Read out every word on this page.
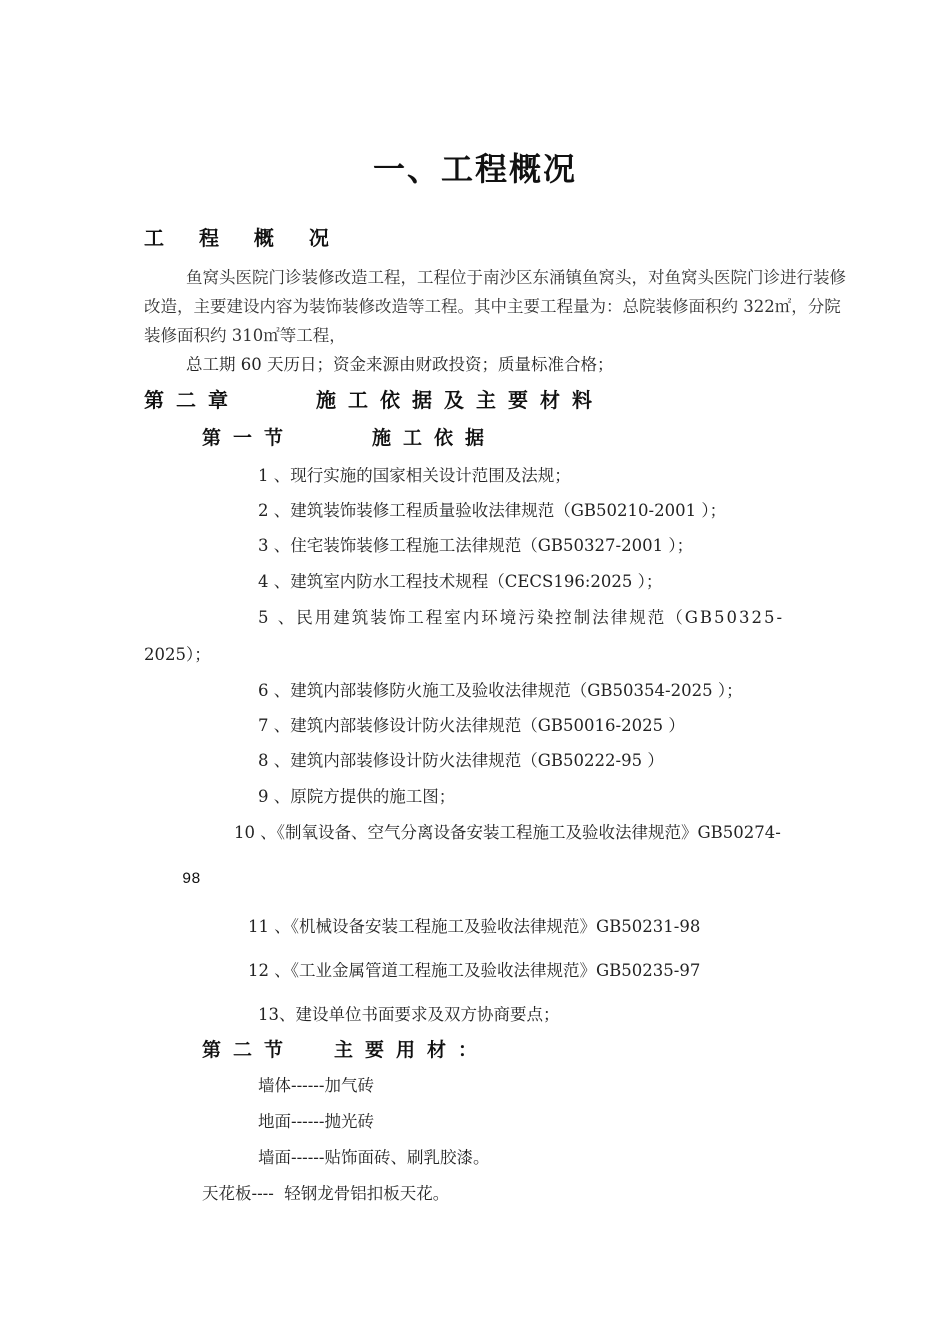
一、工程概况
工 程 概 况
鱼窝头医院门诊装修改造工程，工程位于南沙区东涌镇鱼窝头，对鱼窝头医院门诊进行装修改造，主要建设内容为装饰装修改造等工程。其中主要工程量为：总院装修面积约 322㎡，分院装修面积约 310㎡等工程，
总工期 60 天历日；资金来源由财政投资；质量标准合格；
第二章	施工依据及主要材料
第一节	施工依据
1 、现行实施的国家相关设计范围及法规；
2 、建筑装饰装修工程质量验收法律规范（GB50210-2001 ）；
3 、住宅装饰装修工程施工法律规范（GB50327-2001 ）；
4 、建筑室内防水工程技术规程（CECS196:2025 ）；
5 、民用建筑装饰工程室内环境污染控制法律规范（GB50325-
2025）；
6 、建筑内部装修防火施工及验收法律规范（GB50354-2025 ）；
7 、建筑内部装修设计防火法律规范（GB50016-2025 ）
8 、建筑内部装修设计防火法律规范（GB50222-95 ）
9 、原院方提供的施工图；
10 、《制氧设备、空气分离设备安装工程施工及验收法律规范》GB50274-
98
11 、《机械设备安装工程施工及验收法律规范》GB50231-98
12 、《工业金属管道工程施工及验收法律规范》GB50235-97
13、建设单位书面要求及双方协商要点；
第二节 主要用材：
墙体------加气砖
地面------抛光砖
墙面------贴饰面砖、刷乳胶漆。
天花板----  轻钢龙骨铝扣板天花。
